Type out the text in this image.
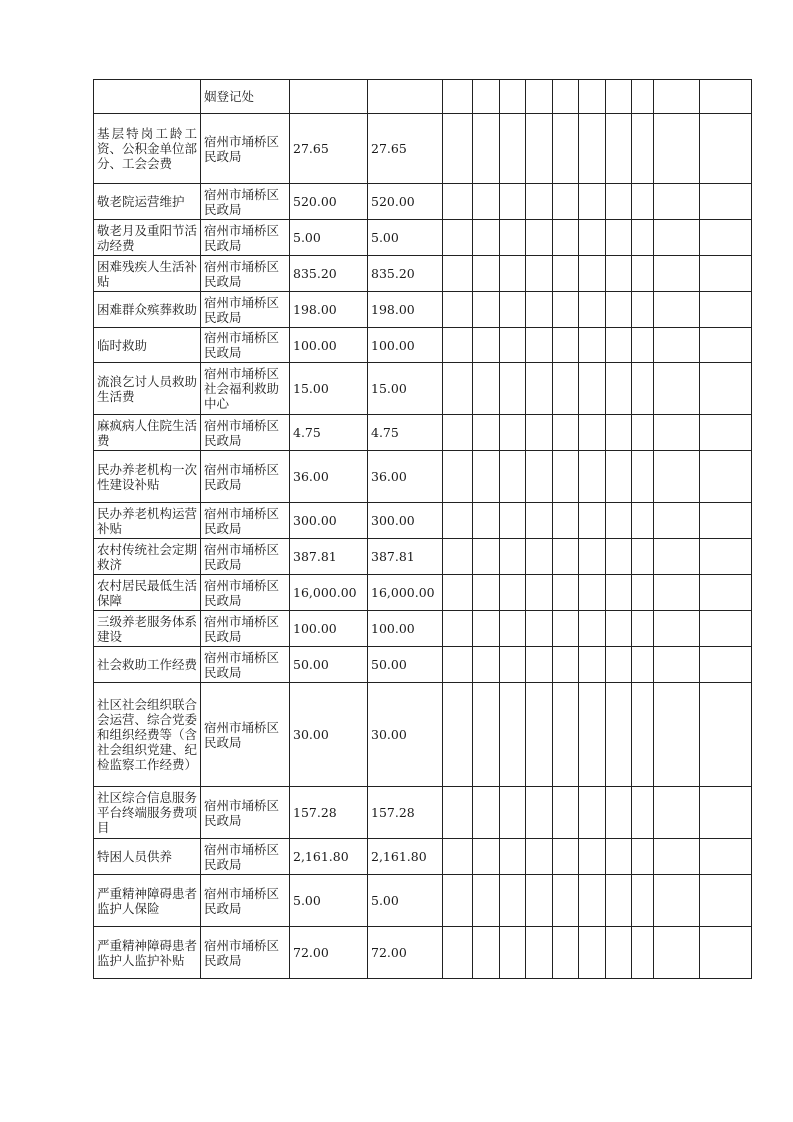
	姻登记处												
基层特岗工龄工资、公积金单位部分、工会会费	宿州市埇桥区民政局	27.65	27.65										
敬老院运营维护	宿州市埇桥区民政局	520.00	520.00										
敬老月及重阳节活动经费	宿州市埇桥区民政局	5.00	5.00										
困难残疾人生活补贴	宿州市埇桥区民政局	835.20	835.20										
困难群众殡葬救助	宿州市埇桥区民政局	198.00	198.00										
临时救助	宿州市埇桥区民政局	100.00	100.00										
流浪乞讨人员救助生活费	宿州市埇桥区社会福利救助中心	15.00	15.00										
麻疯病人住院生活费	宿州市埇桥区民政局	4.75	4.75										
民办养老机构一次性建设补贴	宿州市埇桥区民政局	36.00	36.00										
民办养老机构运营补贴	宿州市埇桥区民政局	300.00	300.00										
农村传统社会定期救济	宿州市埇桥区民政局	387.81	387.81										
农村居民最低生活保障	宿州市埇桥区民政局	16,000.00	16,000.00										
三级养老服务体系建设	宿州市埇桥区民政局	100.00	100.00										
社会救助工作经费	宿州市埇桥区民政局	50.00	50.00										
社区社会组织联合会运营、综合党委和组织经费等（含社会组织党建、纪检监察工作经费）	宿州市埇桥区民政局	30.00	30.00										
社区综合信息服务平台终端服务费项目	宿州市埇桥区民政局	157.28	157.28										
特困人员供养	宿州市埇桥区民政局	2,161.80	2,161.80										
严重精神障碍患者监护人保险	宿州市埇桥区民政局	5.00	5.00										
严重精神障碍患者监护人监护补贴	宿州市埇桥区民政局	72.00	72.00										
